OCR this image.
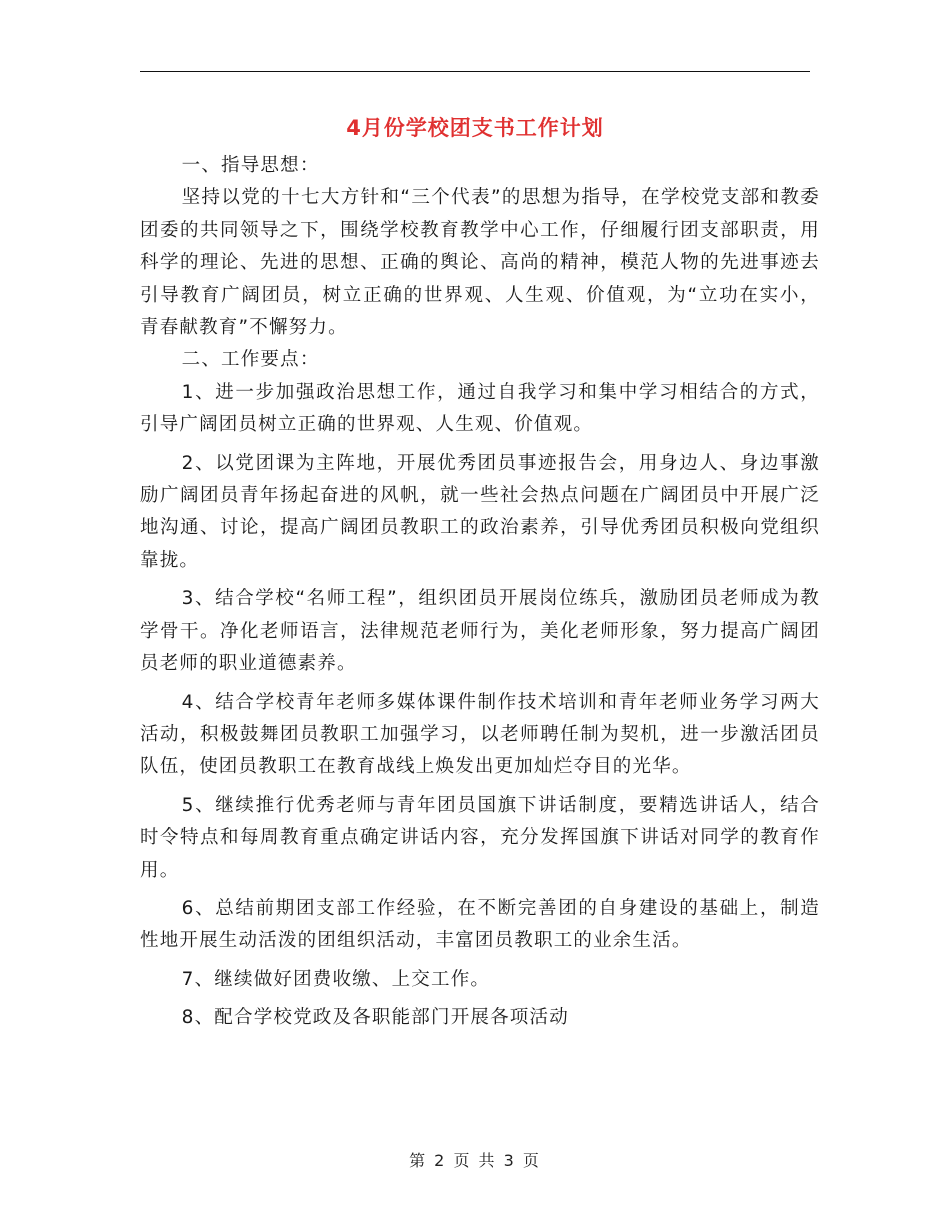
4月份学校团支书工作计划

一、指导思想：

坚持以党的十七大方针和“三个代表”的思想为指导，在学校党支部和教委团委的共同领导之下，围绕学校教育教学中心工作，仔细履行团支部职责，用科学的理论、先进的思想、正确的舆论、高尚的精神，模范人物的先进事迹去引导教育广阔团员，树立正确的世界观、人生观、价值观，为“立功在实小，青春献教育”不懈努力。

二、工作要点：

1、进一步加强政治思想工作，通过自我学习和集中学习相结合的方式，引导广阔团员树立正确的世界观、人生观、价值观。

2、以党团课为主阵地，开展优秀团员事迹报告会，用身边人、身边事激励广阔团员青年扬起奋进的风帆，就一些社会热点问题在广阔团员中开展广泛地沟通、讨论，提高广阔团员教职工的政治素养，引导优秀团员积极向党组织靠拢。

3、结合学校“名师工程”，组织团员开展岗位练兵，激励团员老师成为教学骨干。净化老师语言，法律规范老师行为，美化老师形象，努力提高广阔团员老师的职业道德素养。

4、结合学校青年老师多媒体课件制作技术培训和青年老师业务学习两大活动，积极鼓舞团员教职工加强学习，以老师聘任制为契机，进一步激活团员队伍，使团员教职工在教育战线上焕发出更加灿烂夺目的光华。

5、继续推行优秀老师与青年团员国旗下讲话制度，要精选讲话人，结合时令特点和每周教育重点确定讲话内容，充分发挥国旗下讲话对同学的教育作用。

6、总结前期团支部工作经验，在不断完善团的自身建设的基础上，制造性地开展生动活泼的团组织活动，丰富团员教职工的业余生活。

7、继续做好团费收缴、上交工作。

8、配合学校党政及各职能部门开展各项活动

第 2 页 共 3 页
